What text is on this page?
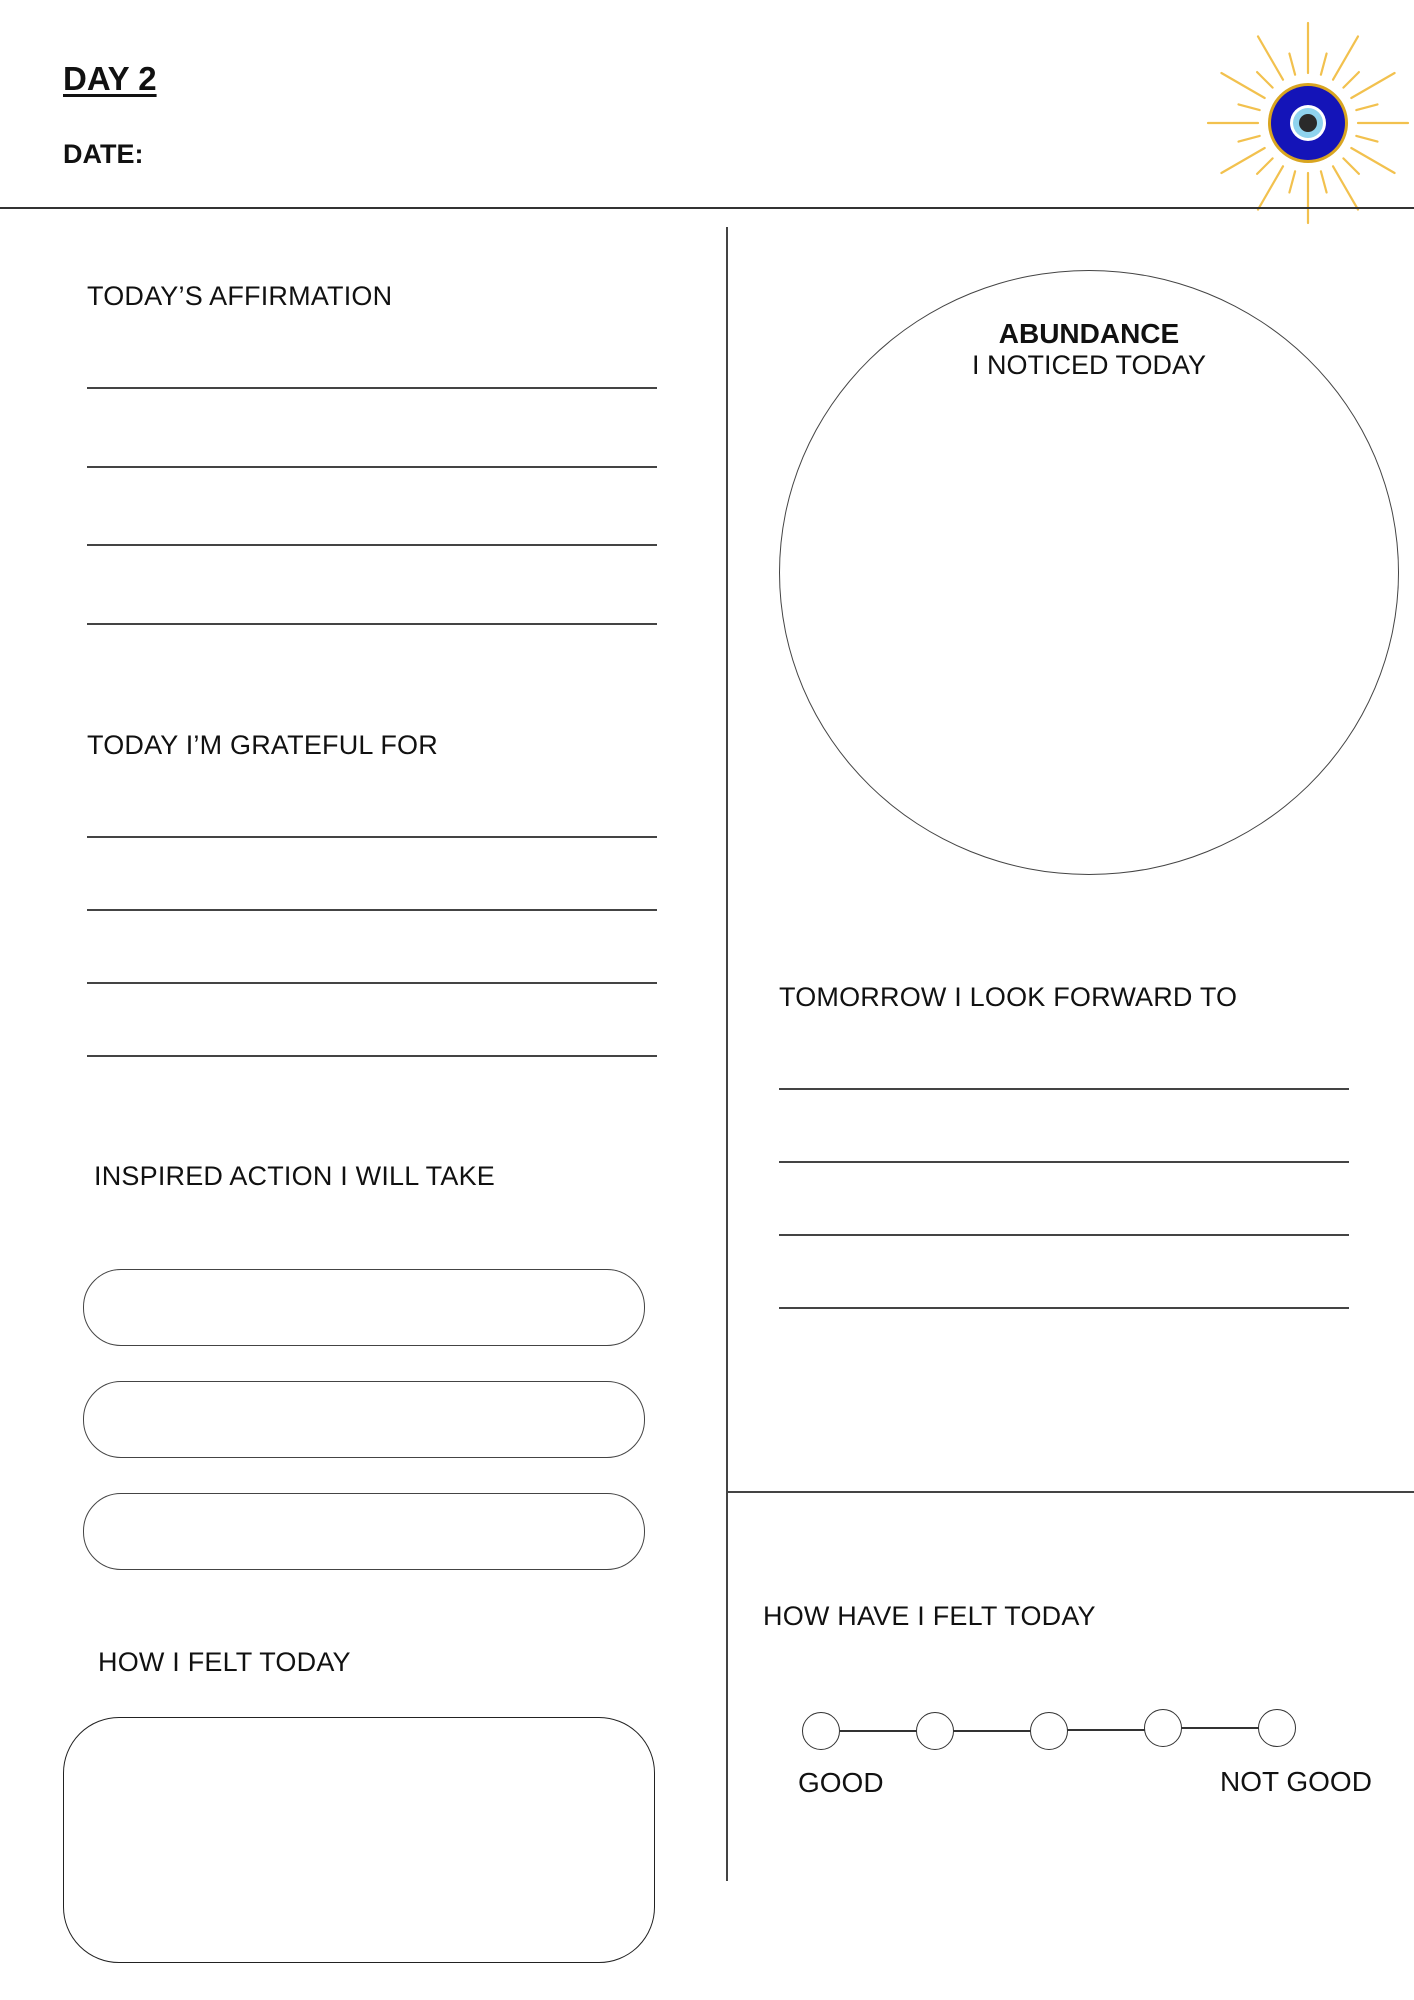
DAY 2
DATE:
TODAY’S AFFIRMATION
TODAY I’M GRATEFUL FOR
INSPIRED ACTION I WILL TAKE
HOW I FELT TODAY
ABUNDANCE
I NOTICED TODAY
TOMORROW I LOOK FORWARD TO
HOW HAVE I FELT TODAY
GOOD	NOT GOOD
